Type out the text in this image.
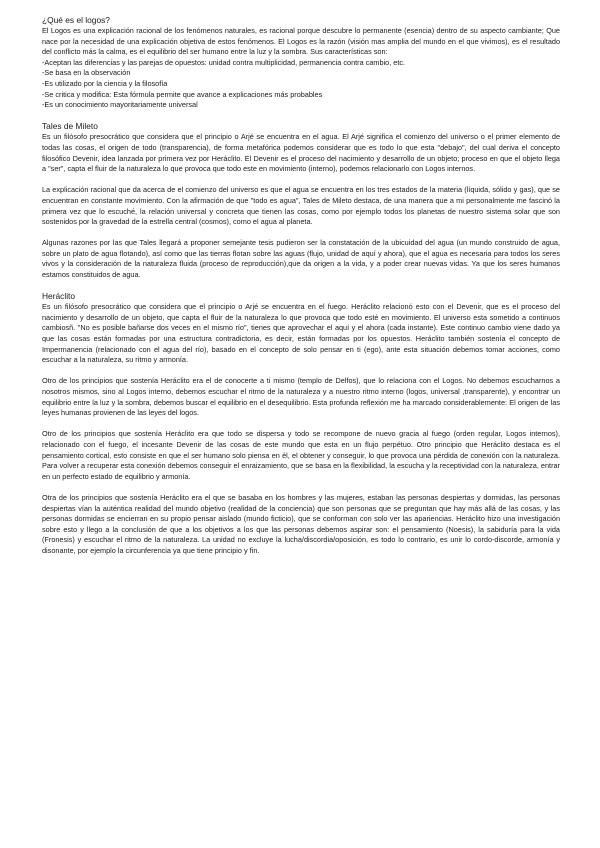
¿Qué es el logos?

El Logos es una explicación racional de los fenómenos naturales, es racional porque descubre lo permanente (esencia) dentro de su aspecto cambiante; Que nace por la necesidad de una explicación objetiva de estos fenómenos. El Logos es la razón (visión mas amplia del mundo en el que vivimos), es el resultado del conflicto más la calma, es el equilibrio del ser humano entre la luz y la sombra. Sus características son:

-Aceptan las diferencias y las parejas de opuestos: unidad contra multiplicidad, permanencia contra cambio, etc.

-Se basa en la observación

-Es utilizado por la ciencia y la filosofía

-Se critica y modifica: Esta fórmula permite que avance a explicaciones más probables

-Es un conocimiento mayoritariamente universal

Tales de Mileto

Es un filósofo presocrático que considera que el principio o Arjé se encuentra en el agua. El Arjé significa el comienzo del universo o el primer elemento de todas las cosas, el origen de todo (transparencia), de forma metafórica podemos considerar que es todo lo que esta "debajo", del cual deriva el concepto filosófico Devenir, idea lanzada por primera vez por Heráclito. El Devenir es el proceso del nacimiento y desarrollo de un objeto; proceso en que el objeto llega a "ser", capta el fluir de la naturaleza lo que provoca que todo este en movimiento (interno), podemos relacionarlo con Logos internos.

La explicación racional que da acerca de el comienzo del universo es que el agua se encuentra en los tres estados de la materia (líquida, sólido y gas), que se encuentran en constante movimiento. Con la afirmación de que "todo es agua", Tales de Mileto destaca, de una manera que a mi personalmente me fascinó la primera vez que lo escuché, la relación universal y concreta que tienen las cosas, como por ejemplo todos los planetas de nuestro sistema solar que son sostenidos por la gravedad de la estrella central (cosmos), como el agua al planeta.

Algunas razones por las que Tales llegará a proponer semejante tesis pudieron ser la constatación de la ubicuidad del agua (un mundo construido de agua, sobre un plato de agua flotando), así como que las tierras flotan sobre las aguas (flujo, unidad de aquí y ahora), que el agua es necesaria para todos los seres vivos y la consideración de la naturaleza fluida (proceso de reproducción),que da origen a la vida, y a poder crear nuevas vidas. Ya que los seres humanos estamos constituidos de agua.

Heráclito

Es un filósofo presocrático que considera que el principio o Arjé se encuentra en el fuego. Heráclito relacionó esto con el Devenir, que es el proceso del nacimiento y desarrollo de un objeto, que capta el fluir de la naturaleza lo que provoca que todo esté en movimiento. El universo esta sometido a continuos cambiosñ. "No es posible bañarse dos veces en el mismo río", tienes que aprovechar el aquí y el ahora (cada instante). Este continuo cambio viene dado ya que las cosas están formadas por una estructura contradictoria, es decir, están formadas por los opuestos. Heráclito también sostenía el concepto de Impermanencia (relacionado con el agua del río), basado en el concepto de solo pensar en ti (ego), ante esta situación debemos tomar acciones, como escuchar a la naturaleza, su ritmo y armonía.

Otro de los principios que sostenía Heráclito era el de conocerte a ti mismo (templo de Delfos), que lo relaciona con el Logos. No debemos escucharnos a nosotros mismos, sino al Logos interno, debemos escuchar el ritmo de la naturaleza y a nuestro ritmo interno (logos, universal ,transparente), y encontrar un equilibrio entre la luz y la sombra, debemos buscar el equilibrio en el desequilibrio. Esta profunda reflexión me ha marcado considerablemente: El origen de las leyes humanas provienen de las leyes del logos.

Otro de los principios que sostenía Heráclito era que todo se dispersa y todo se recompone de nuevo gracia al fuego (orden regular, Logos internos), relacionado con el fuego, el incesante Devenir de las cosas de este mundo que esta en un flujo perpétuo. Otro principio que Heráclito destaca es el pensamiento cortical, esto consiste en que el ser humano solo piensa en él, el obtener y conseguir, lo que provoca una pérdida de conexión con la naturaleza. Para volver a recuperar esta conexión debemos conseguir el enraizamiento, que se basa en la flexibilidad, la escucha y la receptividad con la naturaleza, entrar en un perfecto estado de equilibrio y armonía.

Otra de los principios que sostenía Heráclito era el que se basaba en los hombres y las mujeres, estaban las personas despiertas y dormidas, las personas despiertas vían la auténtica realidad del mundo objetivo (realidad de la conciencia) que son personas que se preguntan que hay más allá de las cosas, y las personas dormidas se encierran en su propio pensar aislado (mundo ficticio), que se conforman con solo ver las apariencias. Heráclito hizo una investigación sobre esto y llego a la conclusión de que a los objetivos a los que las personas debemos aspirar son: el pensamiento (Noesis), la sabiduría para la vida (Fronesis) y escuchar el ritmo de la naturaleza. La unidad no excluye la lucha/discordia/oposición, es todo lo contrario, es unir lo cordo-discorde, armonía y disonante, por ejemplo la circunferencia ya que tiene principio y fin.
